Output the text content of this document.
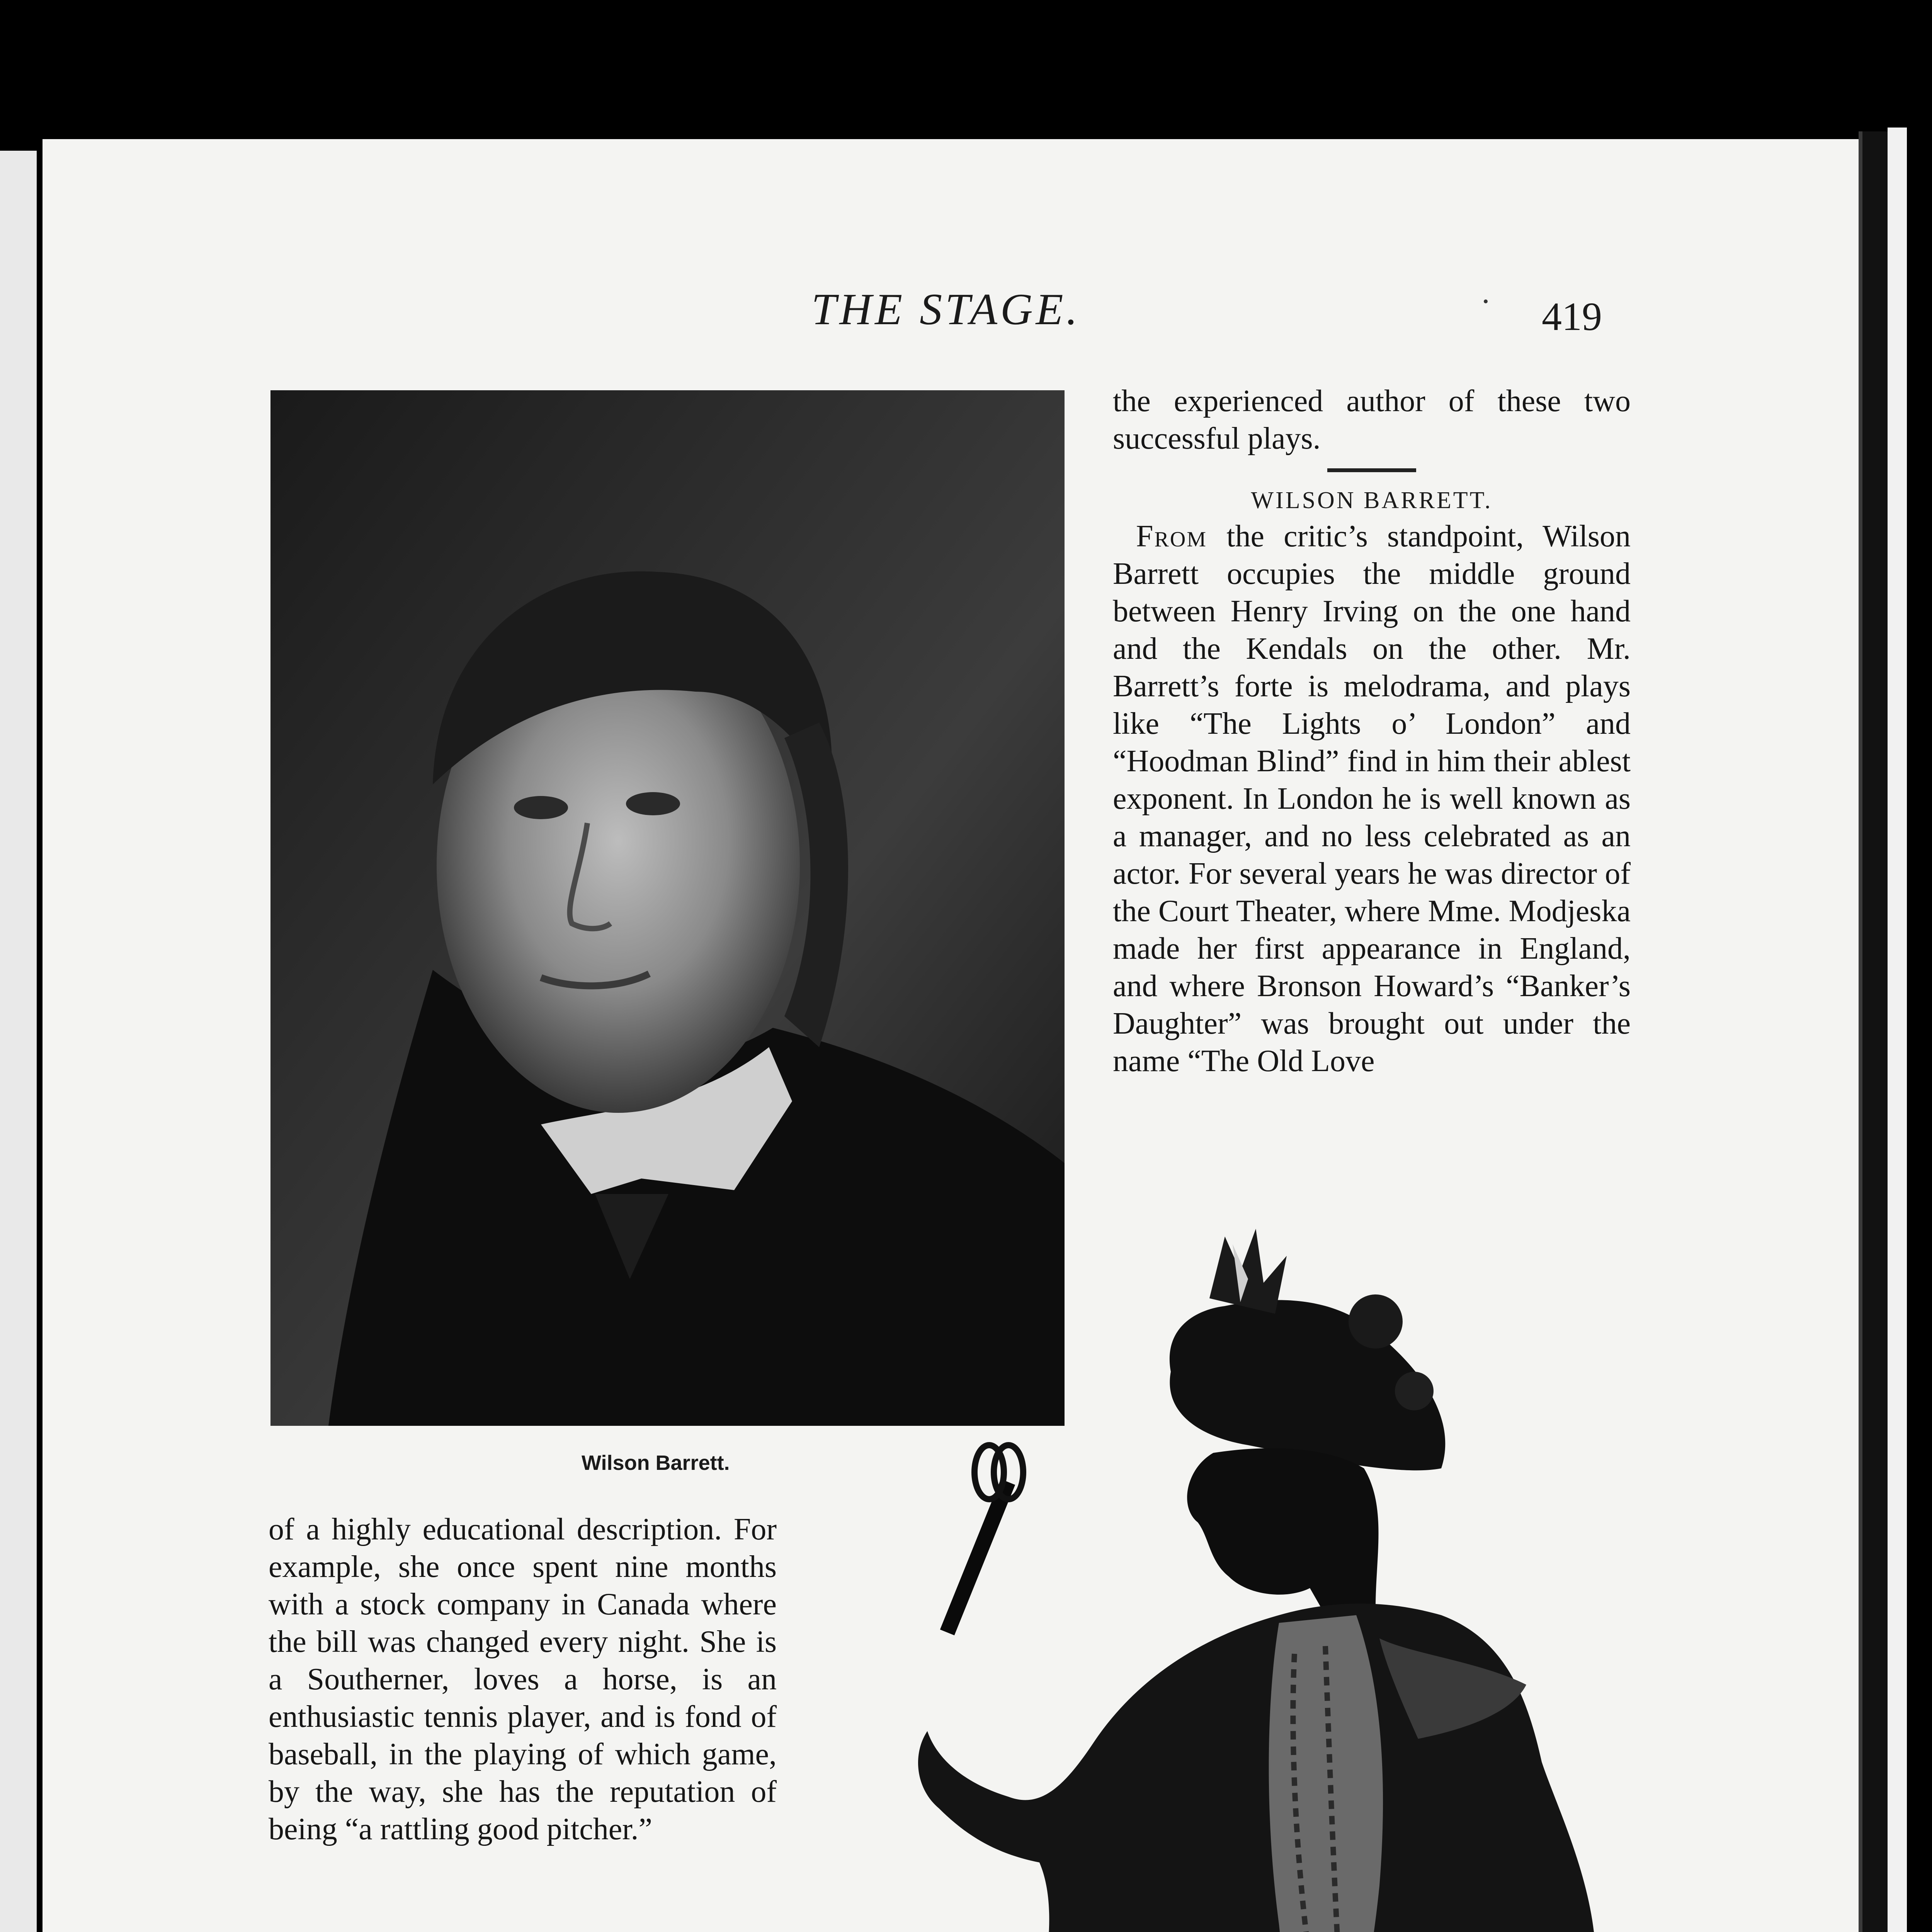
THE STAGE.	419

the experienced author of these two successful plays.

WILSON BARRETT.

From the critic’s standpoint, Wilson Barrett occupies the middle ground between Henry Irving on the one hand and the Kendals on the other. Mr. Barrett’s forte is melodrama, and plays like “The Lights o’ London” and “Hoodman Blind” find in him their ablest exponent. In London he is well known as a manager, and no less celebrated as an actor. For several years he was director of the Court Theater, where Mme. Modjeska made her first appearance in England, and where Bronson Howard’s “Banker’s Daughter” was brought out under the name “The Old Love

Wilson Barrett.

of a highly educational description. For example, she once spent nine months with a stock company in Canada where the bill was changed every night. She is a Southerner, loves a horse, is an enthusiastic tennis player, and is fond of baseball, in the playing of which game, by the way, she has the reputation of being “a rattling good pitcher.”
